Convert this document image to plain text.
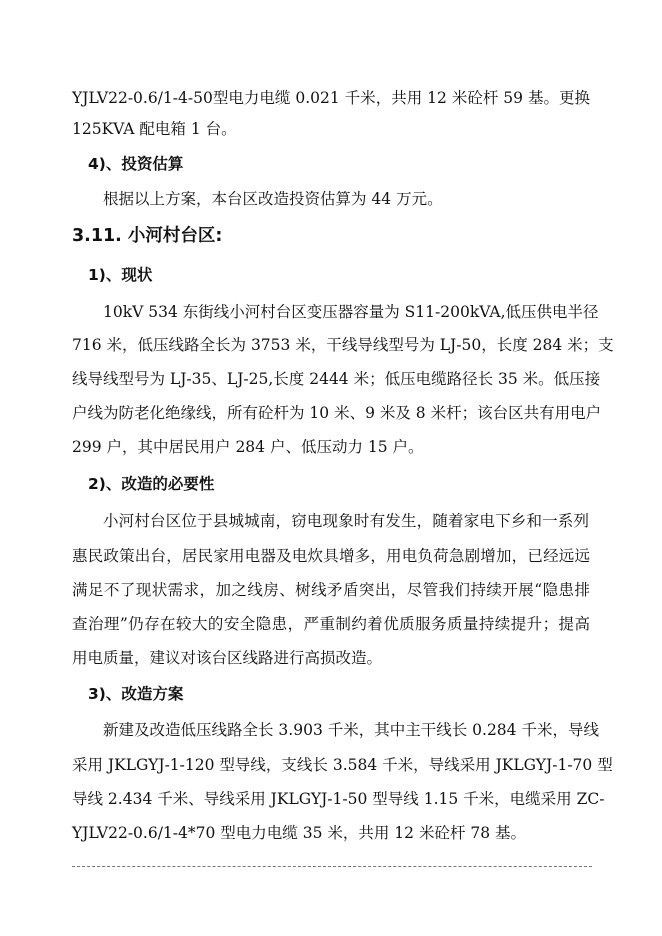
YJLV22-0.6/1-4-50型电力电缆 0.021 千米，共用 12 米砼杆 59 基。更换
125KVA 配电箱 1 台。
4)、投资估算
根据以上方案，本台区改造投资估算为 44 万元。
3.11. 小河村台区:
1)、现状
10kV 534 东街线小河村台区变压器容量为 S11-200kVA,低压供电半径
716 米，低压线路全长为 3753 米，干线导线型号为 LJ-50，长度 284 米；支
线导线型号为 LJ-35、LJ-25,长度 2444 米；低压电缆路径长 35 米。低压接
户线为防老化绝缘线，所有砼杆为 10 米、9 米及 8 米杆；该台区共有用电户
299 户，其中居民用户 284 户、低压动力 15 户。
2)、改造的必要性
小河村台区位于县城城南，窃电现象时有发生，随着家电下乡和一系列
惠民政策出台，居民家用电器及电炊具增多，用电负荷急剧增加，已经远远
满足不了现状需求，加之线房、树线矛盾突出，尽管我们持续开展“隐患排
查治理”仍存在较大的安全隐患，严重制约着优质服务质量持续提升；提高
用电质量，建议对该台区线路进行高损改造。
3)、改造方案
新建及改造低压线路全长 3.903 千米，其中主干线长 0.284 千米，导线
采用 JKLGYJ-1-120 型导线，支线长 3.584 千米，导线采用 JKLGYJ-1-70 型
导线 2.434 千米、导线采用 JKLGYJ-1-50 型导线 1.15 千米，电缆采用 ZC-
YJLV22-0.6/1-4*70 型电力电缆 35 米，共用 12 米砼杆 78 基。
